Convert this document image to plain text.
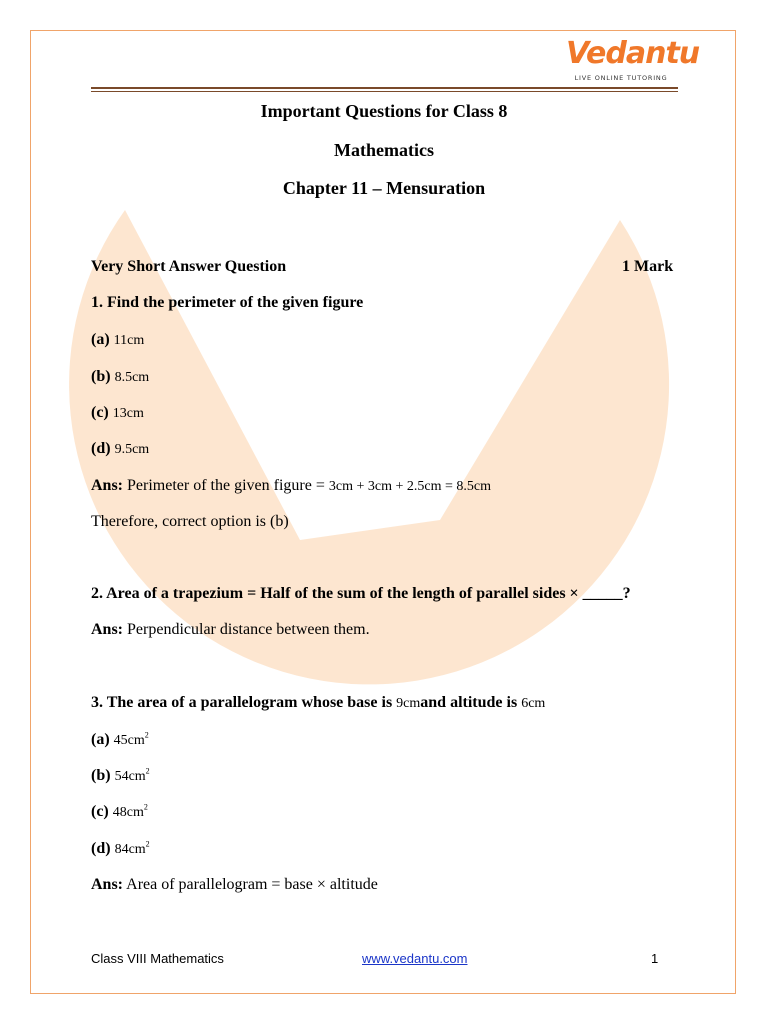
Vedantu
LIVE ONLINE TUTORING
Important Questions for Class 8
Mathematics
Chapter 11 – Mensuration
Very Short Answer Question	1 Mark
1. Find the perimeter of the given figure
(a) 11cm
(b) 8.5cm
(c) 13cm
(d) 9.5cm
Ans: Perimeter of the given figure = 3cm + 3cm + 2.5cm = 8.5cm
Therefore, correct option is (b)
2. Area of a trapezium = Half of the sum of the length of parallel sides × _____?
Ans: Perpendicular distance between them.
3. The area of a parallelogram whose base is 9cmand altitude is 6cm
(a) $45cm^2$
(b) $54cm^2$
(c) $48cm^2$
(d) $84cm^2$
Ans: Area of parallelogram = base × altitude
Class VIII Mathematics	www.vedantu.com	1
